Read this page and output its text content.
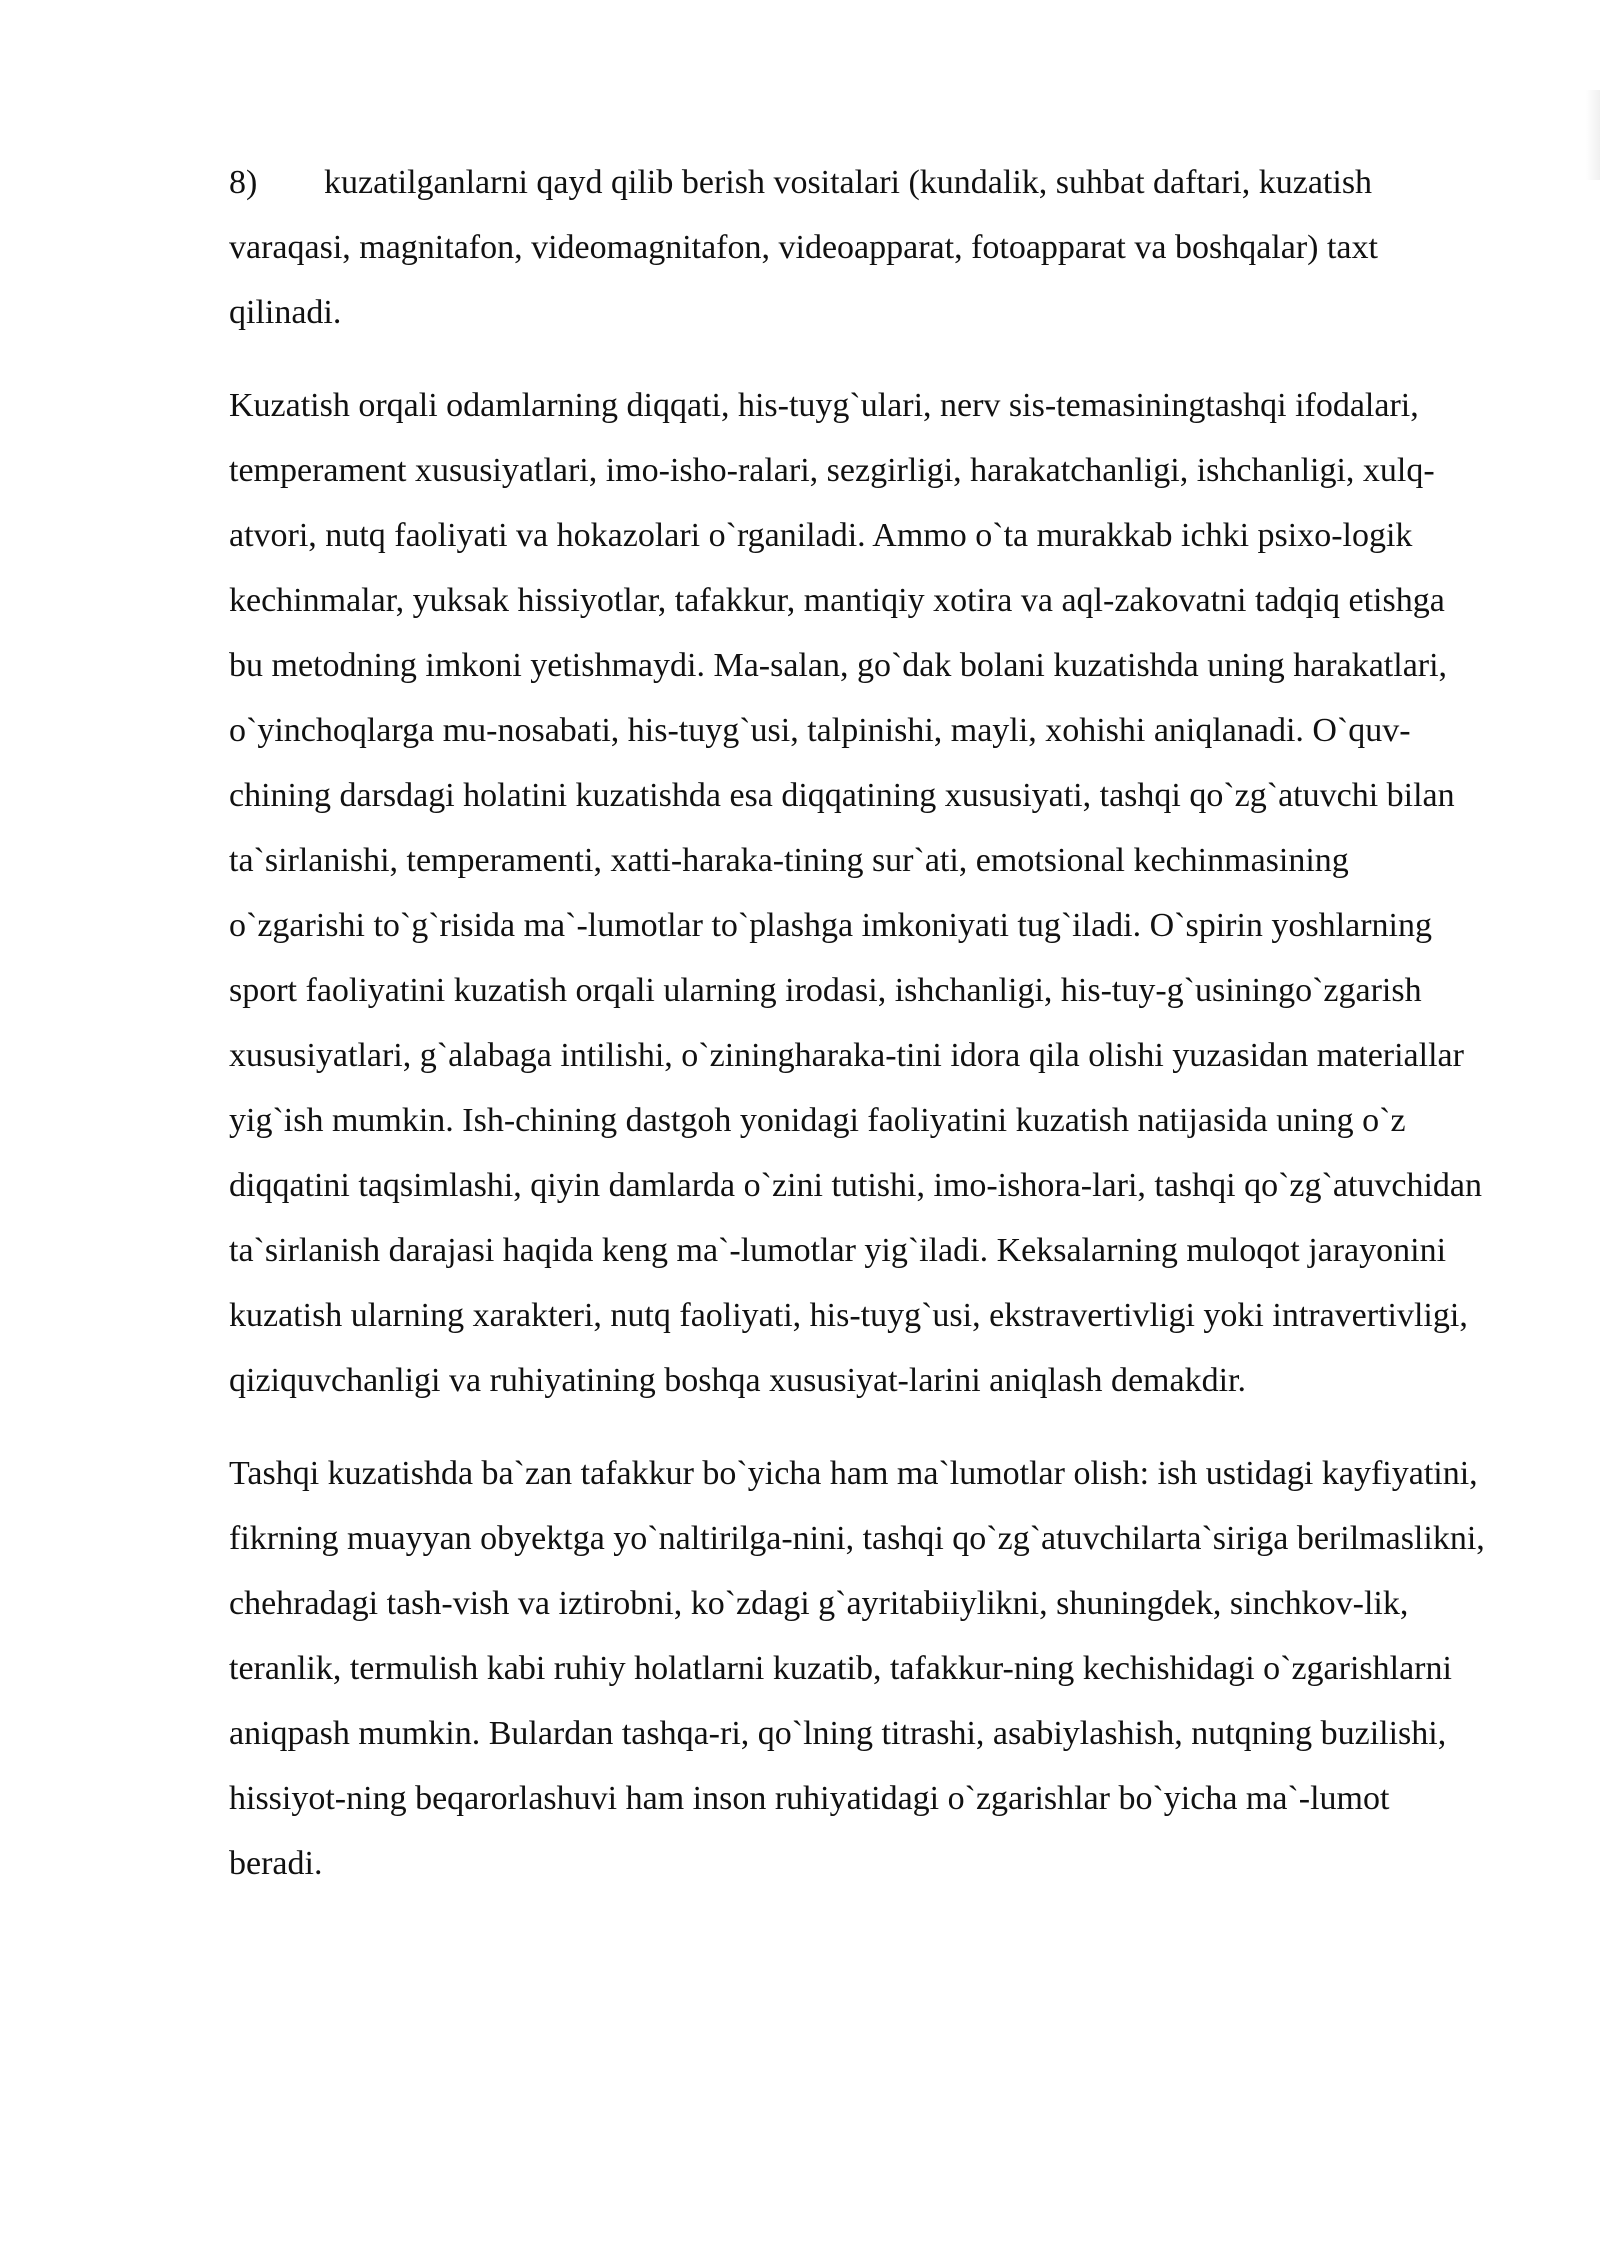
8) kuzatilganlarni qayd qilib berish vositalari (kundalik, suhbat daftari, kuzatish varaqasi, magnitafon, videomagnitafon, videoapparat, fotoapparat va boshqalar) taxt qilinadi.

Kuzatish orqali odamlarning diqqati, his-tuyg`ulari, nerv sis-temasiningtashqi ifodalari, temperament xususiyatlari, imo-isho-ralari, sezgirligi, harakatchanligi, ishchanligi, xulq-atvori, nutq faoliyati va hokazolari o`rganiladi. Ammo o`ta murakkab ichki psixo-logik kechinmalar, yuksak hissiyotlar, tafakkur, mantiqiy xotira va aql-zakovatni tadqiq etishga bu metodning imkoni yetishmaydi. Ma-salan, go`dak bolani kuzatishda uning harakatlari, o`yinchoqlarga mu-nosabati, his-tuyg`usi, talpinishi, mayli, xohishi aniqlanadi. O`quv-chining darsdagi holatini kuzatishda esa diqqatining xususiyati, tashqi qo`zg`atuvchi bilan ta`sirlanishi, temperamenti, xatti-haraka-tining sur`ati, emotsional kechinmasining o`zgarishi to`g`risida ma`-lumotlar to`plashga imkoniyati tug`iladi. O`spirin yoshlarning sport faoliyatini kuzatish orqali ularning irodasi, ishchanligi, his-tuy-g`usiningo`zgarish xususiyatlari, g`alabaga intilishi, o`ziningharaka-tini idora qila olishi yuzasidan materiallar yig`ish mumkin. Ish-chining dastgoh yonidagi faoliyatini kuzatish natijasida uning o`z diqqatini taqsimlashi, qiyin damlarda o`zini tutishi, imo-ishora-lari, tashqi qo`zg`atuvchidan ta`sirlanish darajasi haqida keng ma`-lumotlar yig`iladi. Keksalarning muloqot jarayonini kuzatish ularning xarakteri, nutq faoliyati, his-tuyg`usi, ekstravertivligi yoki intravertivligi, qiziquvchanligi va ruhiyatining boshqa xususiyat-larini aniqlash demakdir.

Tashqi kuzatishda ba`zan tafakkur bo`yicha ham ma`lumotlar olish: ish ustidagi kayfiyatini, fikrning muayyan obyektga yo`naltirilga-nini, tashqi qo`zg`atuvchilarta`siriga berilmaslikni, chehradagi tash-vish va iztirobni, ko`zdagi g`ayritabiiylikni, shuningdek, sinchkov-lik, teranlik, termulish kabi ruhiy holatlarni kuzatib, tafakkur-ning kechishidagi o`zgarishlarni aniqpash mumkin. Bulardan tashqa-ri, qo`lning titrashi, asabiylashish, nutqning buzilishi, hissiyot-ning beqarorlashuvi ham inson ruhiyatidagi o`zgarishlar bo`yicha ma`-lumot beradi.
